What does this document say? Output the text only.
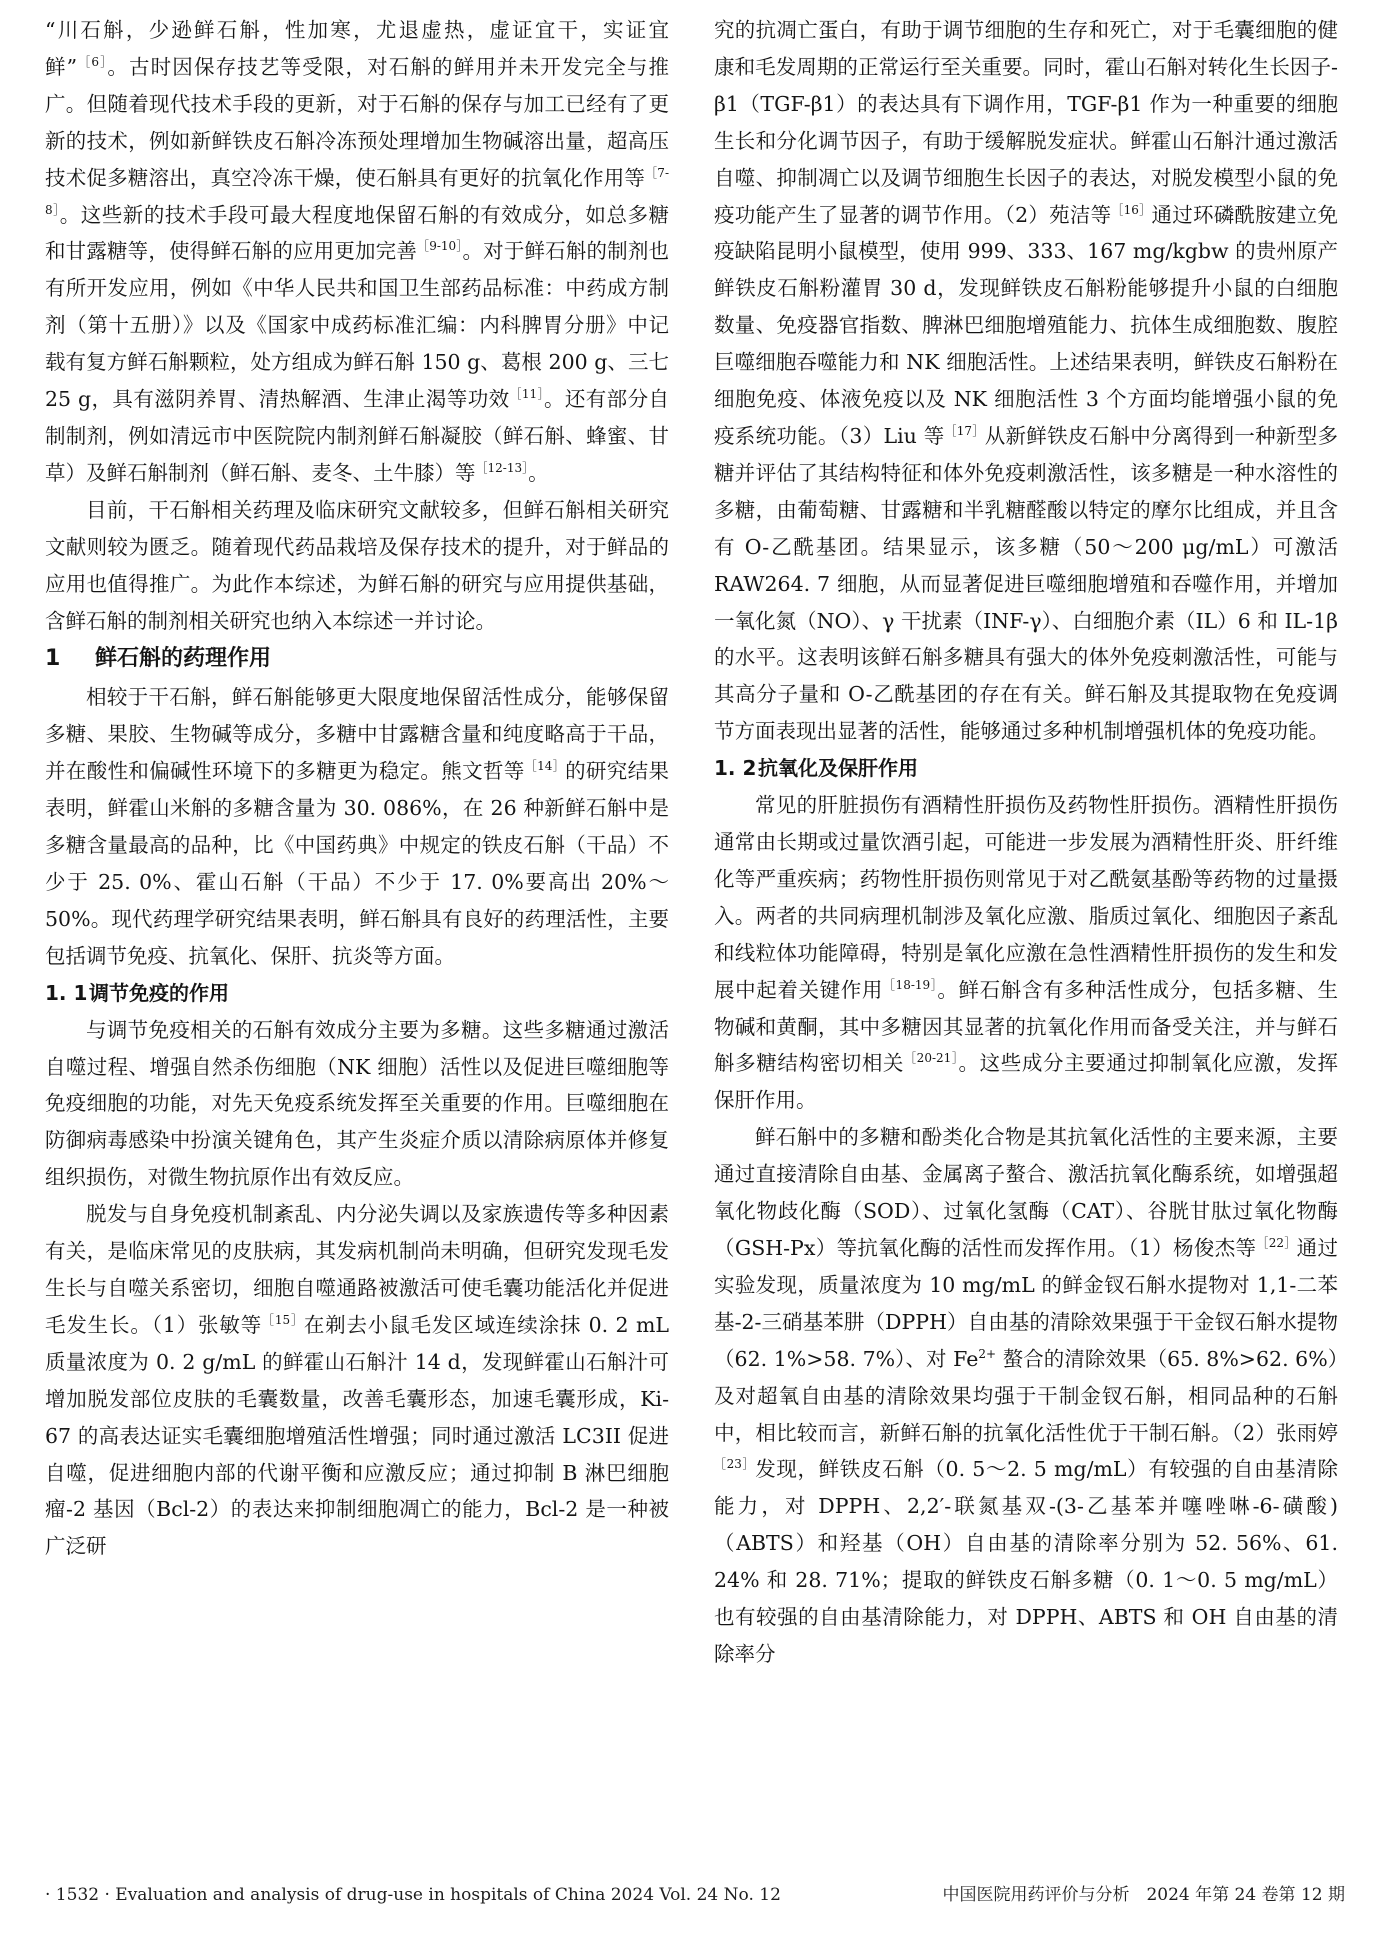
“川石斛，少逊鲜石斛，性加寒，尤退虚热，虚证宜干，实证宜鲜”$^{[6]}$。古时因保存技艺等受限，对石斛的鲜用并未开发完全与推广。但随着现代技术手段的更新，对于石斛的保存与加工已经有了更新的技术，例如新鲜铁皮石斛冷冻预处理增加生物碱溶出量，超高压技术促多糖溶出，真空冷冻干燥，使石斛具有更好的抗氧化作用等$^{[7-8]}$。这些新的技术手段可最大程度地保留石斛的有效成分，如总多糖和甘露糖等，使得鲜石斛的应用更加完善$^{[9-10]}$。对于鲜石斛的制剂也有所开发应用，例如《中华人民共和国卫生部药品标准：中药成方制剂（第十五册）》以及《国家中成药标准汇编：内科脾胃分册》中记载有复方鲜石斛颗粒，处方组成为鲜石斛 150 g、葛根 200 g、三七 25 g，具有滋阴养胃、清热解酒、生津止渴等功效$^{[11]}$。还有部分自制制剂，例如清远市中医院院内制剂鲜石斛凝胶（鲜石斛、蜂蜜、甘草）及鲜石斛制剂（鲜石斛、麦冬、土牛膝）等$^{[12-13]}$。

目前，干石斛相关药理及临床研究文献较多，但鲜石斛相关研究文献则较为匮乏。随着现代药品栽培及保存技术的提升，对于鲜品的应用也值得推广。为此作本综述，为鲜石斛的研究与应用提供基础，含鲜石斛的制剂相关研究也纳入本综述一并讨论。

1 鲜石斛的药理作用

相较于干石斛，鲜石斛能够更大限度地保留活性成分，能够保留多糖、果胶、生物碱等成分，多糖中甘露糖含量和纯度略高于干品，并在酸性和偏碱性环境下的多糖更为稳定。熊文哲等$^{[14]}$的研究结果表明，鲜霍山米斛的多糖含量为 30. 086%，在 26 种新鲜石斛中是多糖含量最高的品种，比《中国药典》中规定的铁皮石斛（干品）不少于 25. 0%、霍山石斛（干品）不少于 17. 0%要高出 20%～50%。现代药理学研究结果表明，鲜石斛具有良好的药理活性，主要包括调节免疫、抗氧化、保肝、抗炎等方面。

1. 1调节免疫的作用

与调节免疫相关的石斛有效成分主要为多糖。这些多糖通过激活自噬过程、增强自然杀伤细胞（NK 细胞）活性以及促进巨噬细胞等免疫细胞的功能，对先天免疫系统发挥至关重要的作用。巨噬细胞在防御病毒感染中扮演关键角色，其产生炎症介质以清除病原体并修复组织损伤，对微生物抗原作出有效反应。

脱发与自身免疫机制紊乱、内分泌失调以及家族遗传等多种因素有关，是临床常见的皮肤病，其发病机制尚未明确，但研究发现毛发生长与自噬关系密切，细胞自噬通路被激活可使毛囊功能活化并促进毛发生长。（1）张敏等$^{[15]}$在剃去小鼠毛发区域连续涂抹 0. 2 mL 质量浓度为 0. 2 g/mL 的鲜霍山石斛汁 14 d，发现鲜霍山石斛汁可增加脱发部位皮肤的毛囊数量，改善毛囊形态，加速毛囊形成，Ki-67 的高表达证实毛囊细胞增殖活性增强；同时通过激活 LC3II 促进自噬，促进细胞内部的代谢平衡和应激反应；通过抑制 B 淋巴细胞瘤-2 基因（Bcl-2）的表达来抑制细胞凋亡的能力，Bcl-2 是一种被广泛研

究的抗凋亡蛋白，有助于调节细胞的生存和死亡，对于毛囊细胞的健康和毛发周期的正常运行至关重要。同时，霍山石斛对转化生长因子-β1（TGF-β1）的表达具有下调作用，TGF-β1 作为一种重要的细胞生长和分化调节因子，有助于缓解脱发症状。鲜霍山石斛汁通过激活自噬、抑制凋亡以及调节细胞生长因子的表达，对脱发模型小鼠的免疫功能产生了显著的调节作用。（2）苑洁等$^{[16]}$通过环磷酰胺建立免疫缺陷昆明小鼠模型，使用 999、333、167 mg/kgbw 的贵州原产鲜铁皮石斛粉灌胃 30 d，发现鲜铁皮石斛粉能够提升小鼠的白细胞数量、免疫器官指数、脾淋巴细胞增殖能力、抗体生成细胞数、腹腔巨噬细胞吞噬能力和 NK 细胞活性。上述结果表明，鲜铁皮石斛粉在细胞免疫、体液免疫以及 NK 细胞活性 3 个方面均能增强小鼠的免疫系统功能。（3）Liu 等$^{[17]}$从新鲜铁皮石斛中分离得到一种新型多糖并评估了其结构特征和体外免疫刺激活性，该多糖是一种水溶性的多糖，由葡萄糖、甘露糖和半乳糖醛酸以特定的摩尔比组成，并且含有 O-乙酰基团。结果显示，该多糖（50～200 μg/mL）可激活 RAW264. 7 细胞，从而显著促进巨噬细胞增殖和吞噬作用，并增加一氧化氮（NO）、γ 干扰素（INF-γ）、白细胞介素（IL）6 和 IL-1β 的水平。这表明该鲜石斛多糖具有强大的体外免疫刺激活性，可能与其高分子量和 O-乙酰基团的存在有关。鲜石斛及其提取物在免疫调节方面表现出显著的活性，能够通过多种机制增强机体的免疫功能。

1. 2抗氧化及保肝作用

常见的肝脏损伤有酒精性肝损伤及药物性肝损伤。酒精性肝损伤通常由长期或过量饮酒引起，可能进一步发展为酒精性肝炎、肝纤维化等严重疾病；药物性肝损伤则常见于对乙酰氨基酚等药物的过量摄入。两者的共同病理机制涉及氧化应激、脂质过氧化、细胞因子紊乱和线粒体功能障碍，特别是氧化应激在急性酒精性肝损伤的发生和发展中起着关键作用$^{[18-19]}$。鲜石斛含有多种活性成分，包括多糖、生物碱和黄酮，其中多糖因其显著的抗氧化作用而备受关注，并与鲜石斛多糖结构密切相关$^{[20-21]}$。这些成分主要通过抑制氧化应激，发挥保肝作用。

鲜石斛中的多糖和酚类化合物是其抗氧化活性的主要来源，主要通过直接清除自由基、金属离子螯合、激活抗氧化酶系统，如增强超氧化物歧化酶（SOD）、过氧化氢酶（CAT）、谷胱甘肽过氧化物酶（GSH-Px）等抗氧化酶的活性而发挥作用。（1）杨俊杰等$^{[22]}$通过实验发现，质量浓度为 10 mg/mL 的鲜金钗石斛水提物对 1,1-二苯基-2-三硝基苯肼（DPPH）自由基的清除效果强于干金钗石斛水提物（62. 1%>58. 7%）、对 Fe$^{2+}$ 螯合的清除效果（65. 8%>62. 6%）及对超氧自由基的清除效果均强于干制金钗石斛，相同品种的石斛中，相比较而言，新鲜石斛的抗氧化活性优于干制石斛。（2）张雨婷$^{[23]}$发现，鲜铁皮石斛（0. 5～2. 5 mg/mL）有较强的自由基清除能力，对 DPPH、2,2′-联氮基双-(3-乙基苯并噻唑啉-6-磺酸)（ABTS）和羟基（OH）自由基的清除率分别为 52. 56%、61. 24% 和 28. 71%；提取的鲜铁皮石斛多糖（0. 1～0. 5 mg/mL）也有较强的自由基清除能力，对 DPPH、ABTS 和 OH 自由基的清除率分

· 1532 · Evaluation and analysis of drug-use in hospitals of China 2024 Vol. 24 No. 12	中国医院用药评价与分析　2024 年第 24 卷第 12 期
